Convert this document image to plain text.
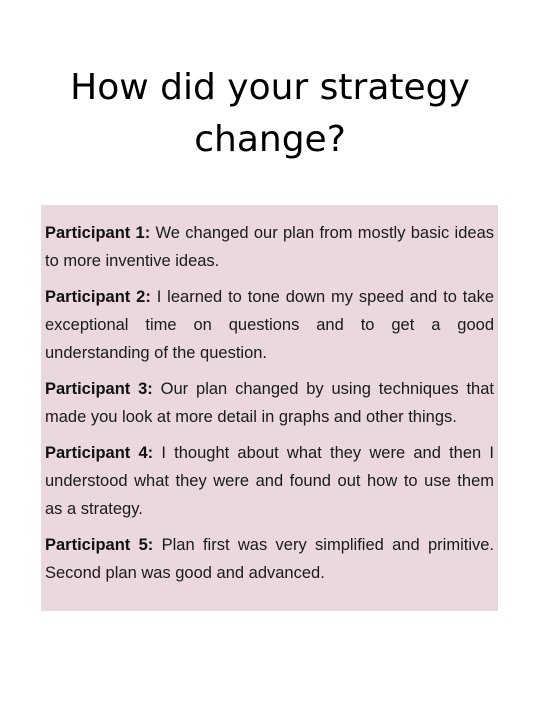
How did your strategy change?

Participant 1: We changed our plan from mostly basic ideas to more inventive ideas.

Participant 2: I learned to tone down my speed and to take exceptional time on questions and to get a good understanding of the question.

Participant 3: Our plan changed by using techniques that made you look at more detail in graphs and other things.

Participant 4: I thought about what they were and then I understood what they were and found out how to use them as a strategy.

Participant 5: Plan first was very simplified and primitive. Second plan was good and advanced.
